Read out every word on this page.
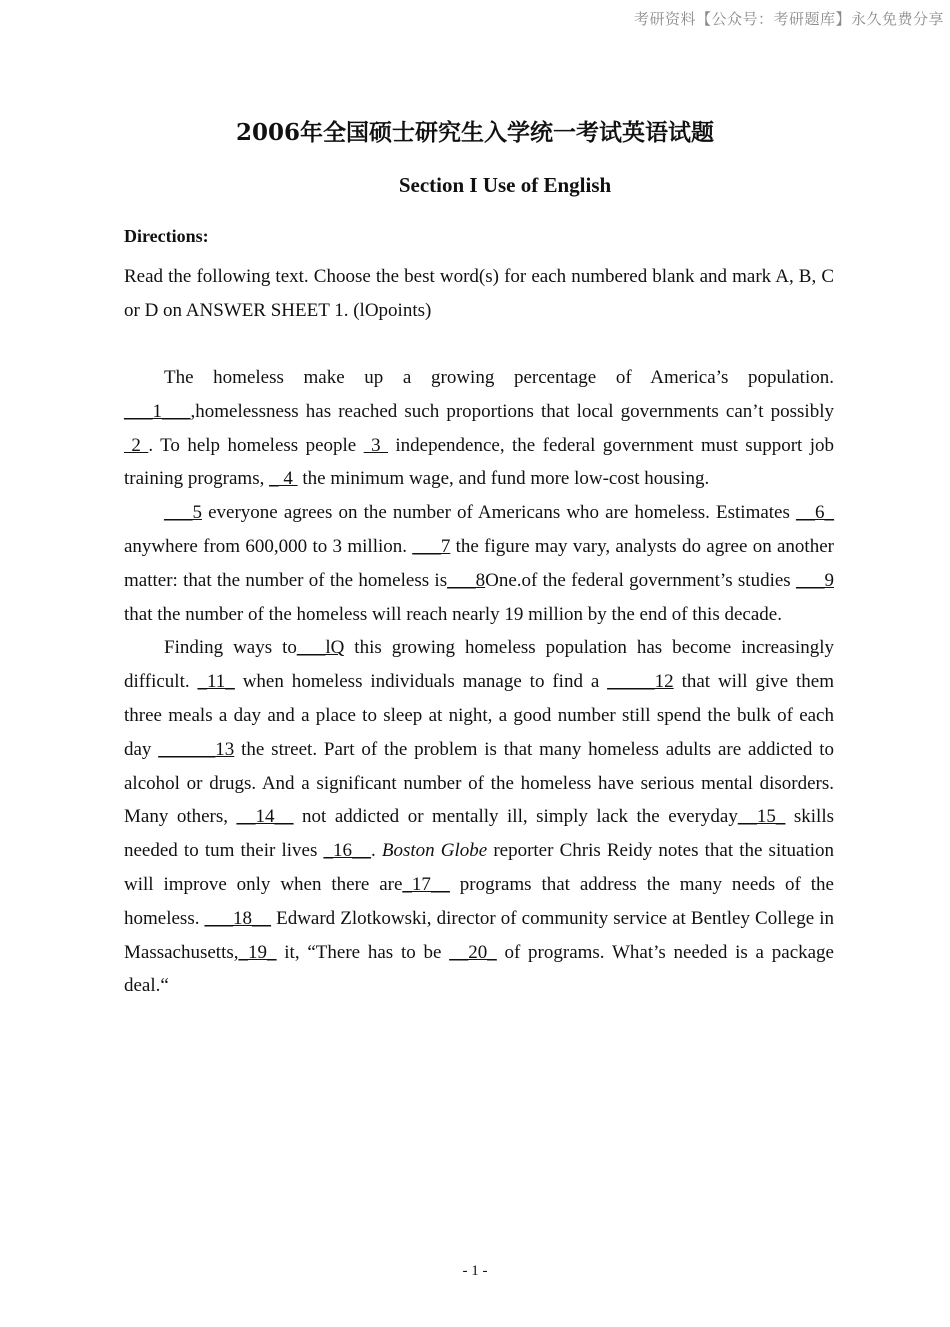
考研资料【公众号：考研题库】永久免费分享
2006年全国硕士研究生入学统一考试英语试题
Section I Use of English
Directions:
Read the following text. Choose the best word(s) for each numbered blank and mark A, B, C or D on ANSWER SHEET 1. (lOpoints)

The homeless make up a growing percentage of America’s population. ___1___,homelessness has reached such proportions that local governments can’t possibly  2 . To help homeless people  3  independence, the federal government must support job training programs, _ 4  the minimum wage, and fund more low-cost housing.

___5 everyone agrees on the number of Americans who are homeless. Estimates __6_ anywhere from 600,000 to 3 million. ___7 the figure may vary, analysts do agree on another matter: that the number of the homeless is___8One.of the federal government’s studies ___9 that the number of the homeless will reach nearly 19 million by the end of this decade.

Finding ways to___lQ this growing homeless population has become increasingly difficult. _11_ when homeless individuals manage to find a _____12 that will give them three meals a day and a place to sleep at night, a good number still spend the bulk of each day ______13 the street. Part of the problem is that many homeless adults are addicted to alcohol or drugs. And a significant number of the homeless have serious mental disorders. Many others, __14__ not addicted or mentally ill, simply lack the everyday__15_ skills needed to tum their lives _16__. Boston Globe reporter Chris Reidy notes that the situation will improve only when there are_17__ programs that address the many needs of the homeless. ___18__ Edward Zlotkowski, director of community service at Bentley College in Massachusetts,_19_ it, “There has to be __20_ of programs. What’s needed is a package deal.“

- 1 -
